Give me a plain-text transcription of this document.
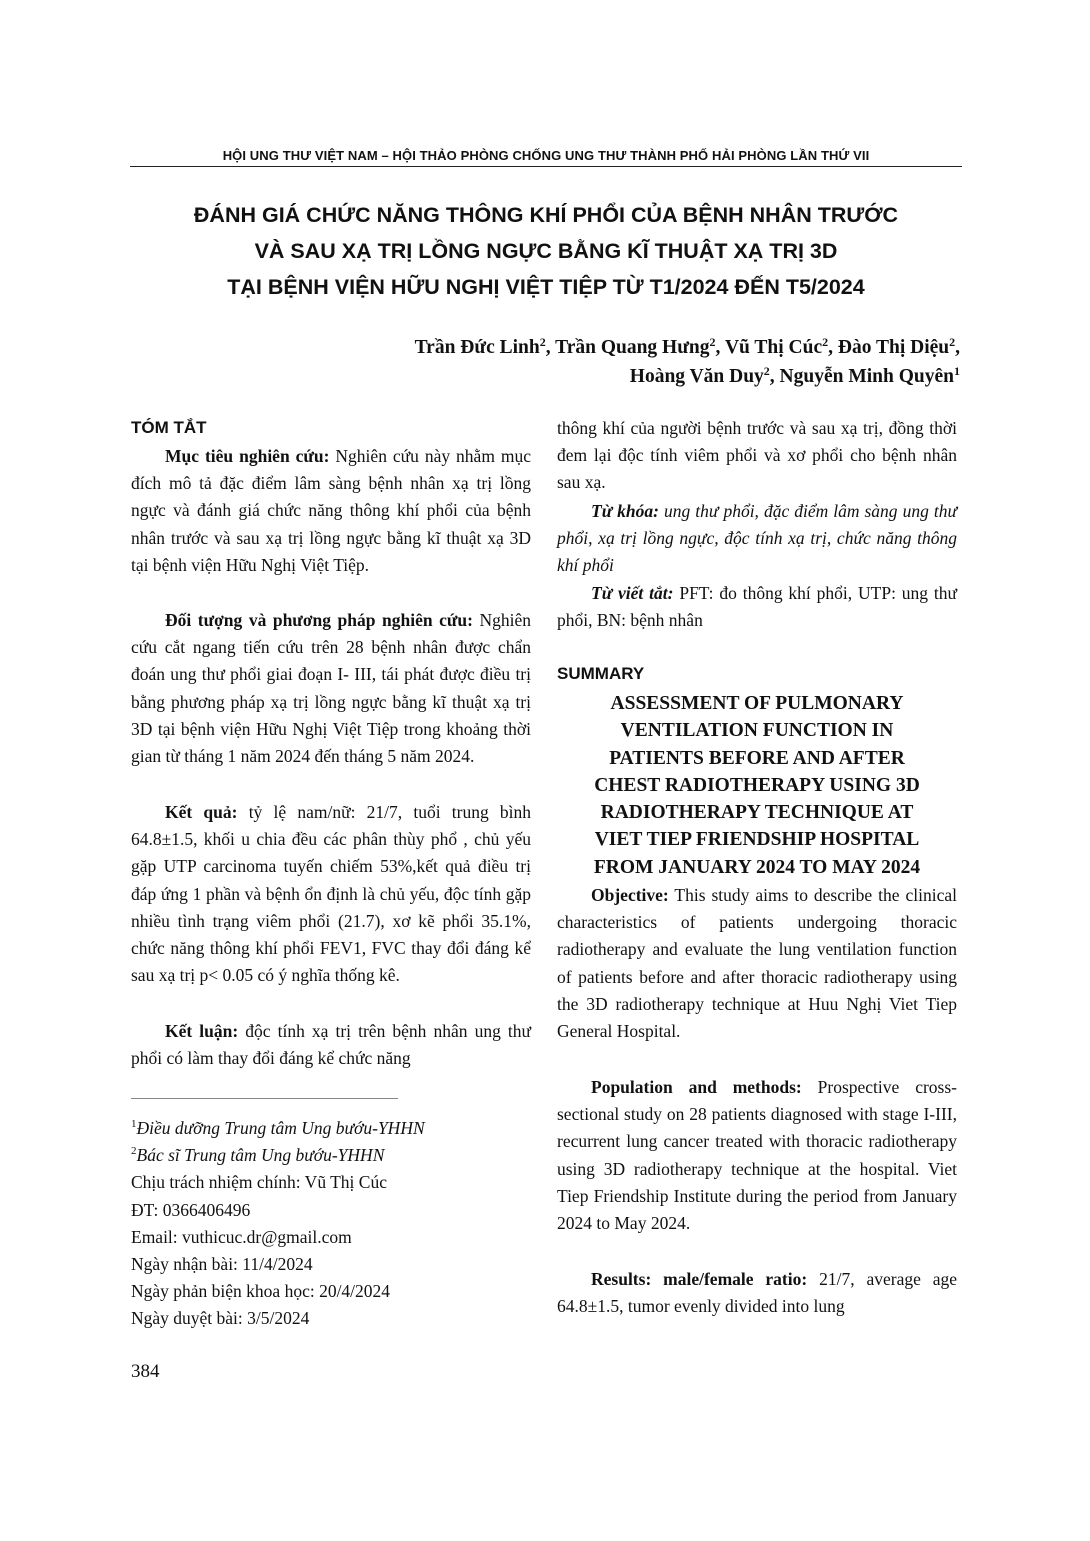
HỘI UNG THƯ VIỆT NAM – HỘI THẢO PHÒNG CHỐNG UNG THƯ THÀNH PHỐ HẢI PHÒNG LẦN THỨ VII
ĐÁNH GIÁ CHỨC NĂNG THÔNG KHÍ PHỔI CỦA BỆNH NHÂN TRƯỚC
VÀ SAU XẠ TRỊ LỒNG NGỰC BẰNG KĨ THUẬT XẠ TRỊ 3D
TẠI BỆNH VIỆN HỮU NGHỊ VIỆT TIỆP TỪ T1/2024 ĐẾN T5/2024
Trần Đức Linh$^2$, Trần Quang Hưng$^2$, Vũ Thị Cúc$^2$, Đào Thị Diệu$^2$,
Hoàng Văn Duy$^2$, Nguyễn Minh Quyên$^1$
TÓM TẮT

Mục tiêu nghiên cứu: Nghiên cứu này nhằm mục đích mô tả đặc điểm lâm sàng bệnh nhân xạ trị lồng ngực và đánh giá chức năng thông khí phổi của bệnh nhân trước và sau xạ trị lồng ngực bằng kĩ thuật xạ 3D tại bệnh viện Hữu Nghị Việt Tiệp.

Đối tượng và phương pháp nghiên cứu: Nghiên cứu cắt ngang tiến cứu trên 28 bệnh nhân được chẩn đoán ung thư phổi giai đoạn I- III, tái phát được điều trị bằng phương pháp xạ trị lồng ngực bằng kĩ thuật xạ trị 3D tại bệnh viện Hữu Nghị Việt Tiệp trong khoảng thời gian từ tháng 1 năm 2024 đến tháng 5 năm 2024.

Kết quả: tỷ lệ nam/nữ: 21/7, tuổi trung bình 64.8±1.5, khối u chia đều các phân thùy phổ , chủ yếu gặp UTP carcinoma tuyến chiếm 53%,kết quả điều trị đáp ứng 1 phần và bệnh ổn định là chủ yếu, độc tính gặp nhiều tình trạng viêm phổi (21.7), xơ kẽ phổi 35.1%, chức năng thông khí phổi FEV1, FVC thay đổi đáng kể sau xạ trị p< 0.05 có ý nghĩa thống kê.

Kết luận: độc tính xạ trị trên bệnh nhân ung thư phổi có làm thay đổi đáng kể chức năng

$^1$Điều dưỡng Trung tâm Ung bướu-YHHN
$^2$Bác sĩ Trung tâm Ung bướu-YHHN
Chịu trách nhiệm chính: Vũ Thị Cúc
ĐT: 0366406496
Email: vuthicuc.dr@gmail.com
Ngày nhận bài: 11/4/2024
Ngày phản biện khoa học: 20/4/2024
Ngày duyệt bài: 3/5/2024
384

thông khí của người bệnh trước và sau xạ trị, đồng thời đem lại độc tính viêm phổi và xơ phổi cho bệnh nhân sau xạ.

Từ khóa: ung thư phổi, đặc điểm lâm sàng ung thư phổi, xạ trị lồng ngực, độc tính xạ trị, chức năng thông khí phổi

Từ viết tắt: PFT: đo thông khí phổi, UTP: ung thư phổi, BN: bệnh nhân

SUMMARY
ASSESSMENT OF PULMONARY
VENTILATION FUNCTION IN
PATIENTS BEFORE AND AFTER
CHEST RADIOTHERAPY USING 3D
RADIOTHERAPY TECHNIQUE AT
VIET TIEP FRIENDSHIP HOSPITAL
FROM JANUARY 2024 TO MAY 2024

Objective: This study aims to describe the clinical characteristics of patients undergoing thoracic radiotherapy and evaluate the lung ventilation function of patients before and after thoracic radiotherapy using the 3D radiotherapy technique at Huu Nghị Viet Tiep General Hospital.

Population and methods: Prospective cross-sectional study on 28 patients diagnosed with stage I-III, recurrent lung cancer treated with thoracic radiotherapy using 3D radiotherapy technique at the hospital. Viet Tiep Friendship Institute during the period from January 2024 to May 2024.

Results: male/female ratio: 21/7, average age 64.8±1.5, tumor evenly divided into lung
